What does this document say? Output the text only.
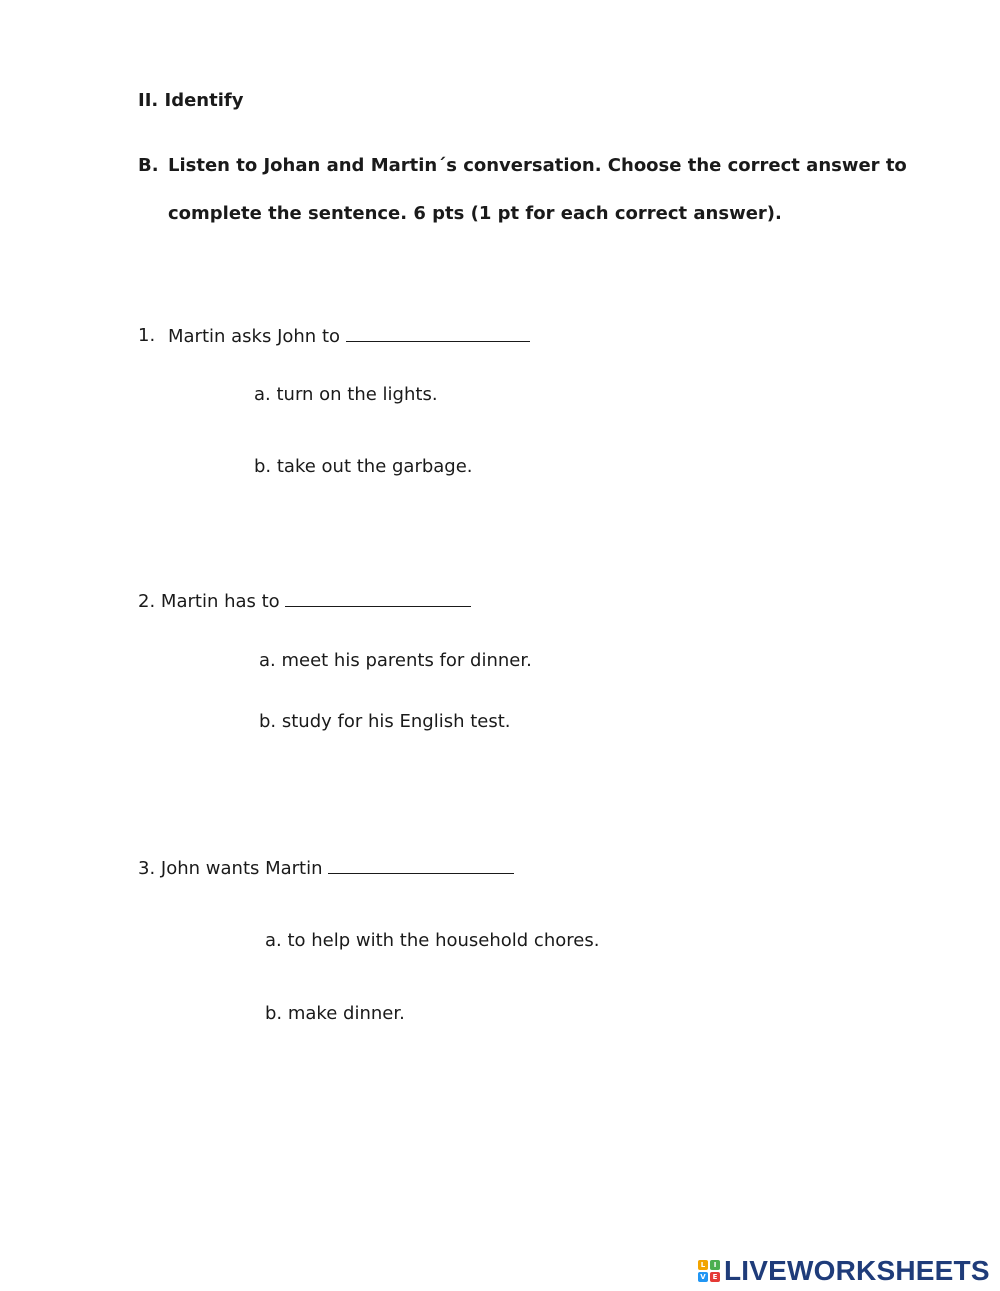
II. Identify
B. Listen to Johan and Martin´s conversation. Choose the correct answer to
complete the sentence. 6 pts (1 pt for each correct answer).
1. Martin asks John to
a. turn on the lights.
b. take out the garbage.
2. Martin has to
a. meet his parents for dinner.
b. study for his English test.
3. John wants Martin
a. to help with the household chores.
b. make dinner.
L	I
V E LIVEWORKSHEETS
